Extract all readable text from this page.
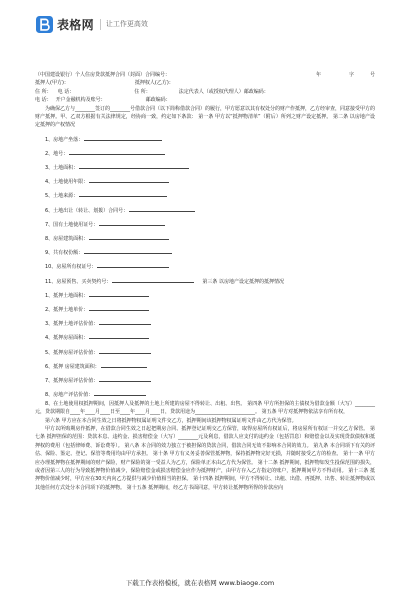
表格网 让工作更高效
（中国建设银行）个人住房贷款抵押合同（封面）合同编号：	年	字	号
抵押人(甲方)：	抵押权人(乙方)：
住 所： 电 话：	住 所：	法定代表人（或授权代理人）邮政编码：
电 话： 开户金融机构及账号：	邮政编码：

为确保乙方与________签订的________号借款合同（以下简称借款合同）的履行，甲方愿意以其有权处分的财产作抵押，乙方经审查，同意接受甲方的财产抵押。甲、乙双方根据有关法律规定，经协商一致，约定如下条款： 第一条 甲方以“抵押物清单”（附后）所列之财产设定抵押。 第二条 以房地产设定抵押的产权情况

1、房地产坐落：
2、地号：
3、土地面积：
4、土地使用年限：
5、土地来源：
6、土地出让（转让、划拨）合同号：
7、国有土地使用证号：
8、房屋建筑面积：
9、共有权份额：
10、房屋所有权证号：
11、房屋预售、买卖契约号：	第三条 以房地产设定抵押的抵押情况
1、抵押土地面积：
2、抵押土地单价：
3、抵押土地评估价值：
4、抵押房屋面积：
5、抵押房屋评估价值：
6、抵押 房屋建筑面积：
7、抵押房屋评估价值：
8、房地产评估价值：

8、在土地使用权抵押期间，因抵押人及抵押的土地上所建的房屋不得转让、出租、出售。 第四条 甲方所担保的主债权为借款金额（大写）________元，贷款期限自____年____月____日至____年____月____日，贷款用途为________________________。 第五条 甲方对抵押物依法享有所有权，

第六条 甲方应在本合同生效之日将抵押物权属证明文件交乙方，抵押期间该抵押物权属证明文件由乙方代为保管。

甲方以所购期房作抵押，在借款合同生效之日起把期房合同、抵押登记证明交乙方保管，取得房屋所有权证后，将房屋所有权证一并交乙方保管。 第七条 抵押担保的范围：贷款本息、违约金、损害赔偿金（大写）________元及利息，借款人应支付的违约金（包括罚息）和赔偿金以及实现贷款债权和抵押权的费用（包括律师费、诉讼费等）。 第八条 本合同的效力独立于被担保的贷款合同，借款合同无效不影响本合同的效力。 第九条 本合同项下有关的评估、保险、鉴定、登记、保管等费用均由甲方承担。 第十条 甲方有义务妥善保管抵押物，保持抵押物完好无损，并随时接受乙方的检查。 第十一条 甲方应办理抵押物在抵押期间的财产保险，财产保险的第一受益人为乙方，保险单正本由乙方代为保管。 第十二条 抵押期间，抵押物如发生投保范围的损失，或者因第三人的行为导致抵押物价值减少，保险赔偿金或损害赔偿金应作为抵押财产，由甲方存入乙方指定的账户，抵押期间甲方不得动用。 第十三条 抵押物价值减少时，甲方应在30天内向乙方提供与减少价值相当的担保。 第十四条 抵押期间，甲方不得转让、出租、出借、再抵押、出售、转让抵押物或以其他任何方式处分本合同项下的抵押物。 第十五条 抵押期间，经乙方书面同意，甲方转让抵押物所得的价款应向

下载工作表格模板，就在表格网 www.biaoge.com
